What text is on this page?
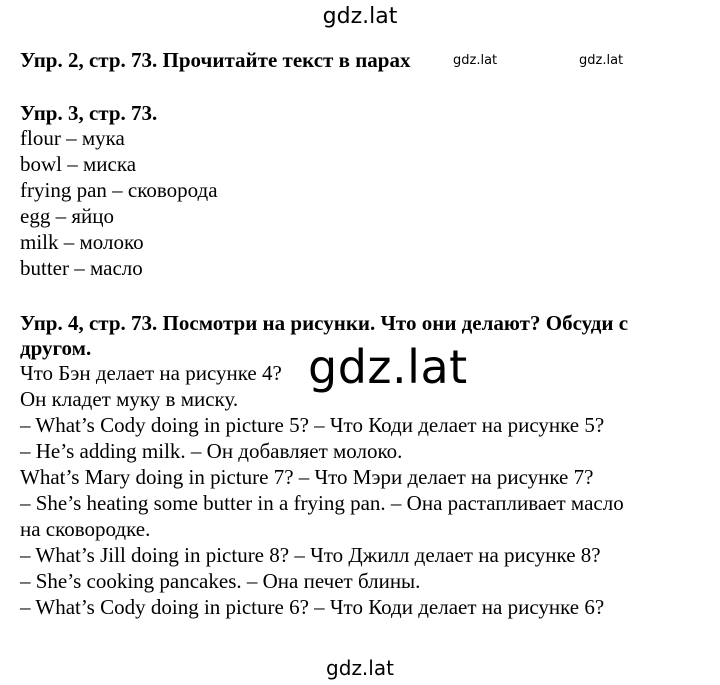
gdz.lat
Упр. 2, стр. 73. Прочитайте текст в парах	gdz.lat	gdz.lat
Упр. 3, стр. 73.
flour – мука
bowl – миска
frying pan – сковорода
egg – яйцо
milk – молоко
butter – масло
Упр. 4, стр. 73. Посмотри на рисунки. Что они делают? Обсуди с
другом.
Что Бэн делает на рисунке 4? gdz.lat
Он кладет муку в миску.
– What’s Cody doing in picture 5? – Что Коди делает на рисунке 5?
– He’s adding milk. – Он добавляет молоко.
What’s Mary doing in picture 7? – Что Мэри делает на рисунке 7?
– She’s heating some butter in a frying pan. – Она растапливает масло
на сковородке.
– What’s Jill doing in picture 8? – Что Джилл делает на рисунке 8?
– She’s cooking pancakes. – Она печет блины.
– What’s Cody doing in picture 6? – Что Коди делает на рисунке 6?
gdz.lat
